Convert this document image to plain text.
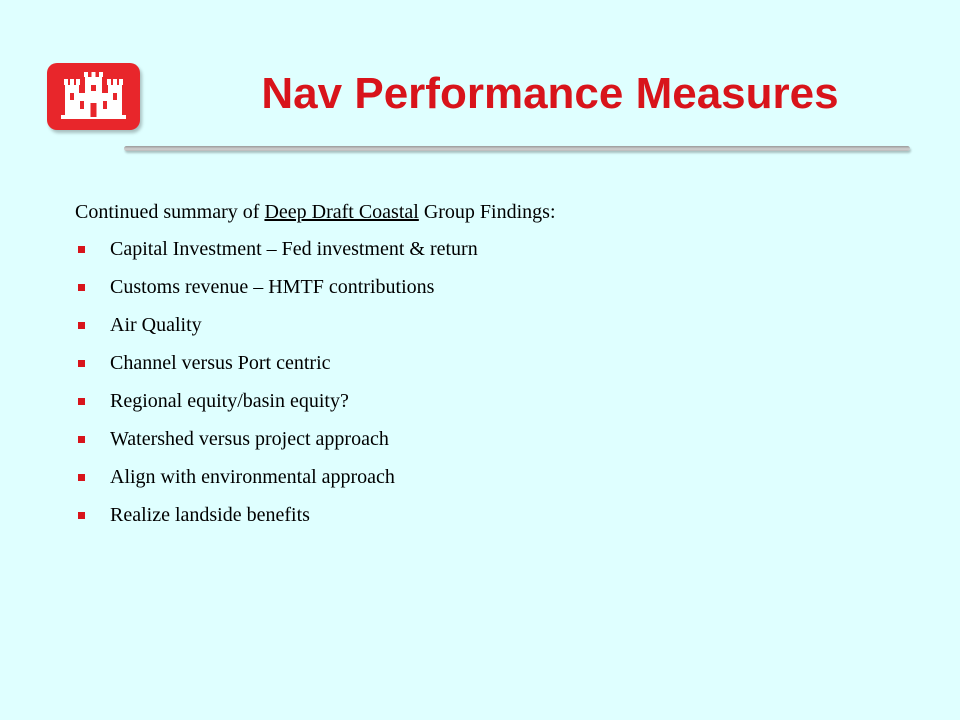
Nav Performance Measures

Continued summary of Deep Draft Coastal Group Findings:

Capital Investment – Fed investment & return
Customs revenue – HMTF contributions
Air Quality
Channel versus Port centric
Regional equity/basin equity?
Watershed versus project approach
Align with environmental approach
Realize landside benefits
